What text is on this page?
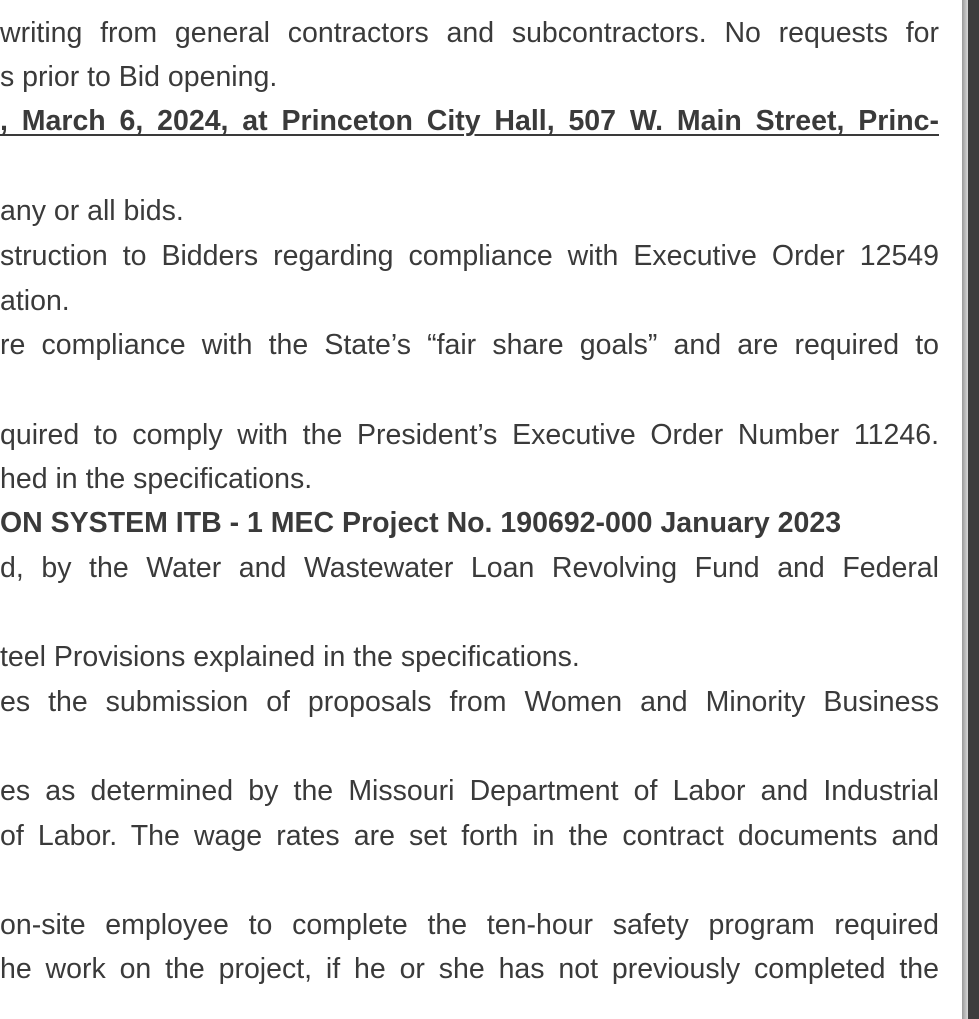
writing from general contractors and subcontractors. No requests for
s prior to Bid opening.
, March 6, 2024, at Princeton City Hall, 507 W. Main Street, Princ-
any or all bids.
struction to Bidders regarding compliance with Executive Order 12549
ation.
re compliance with the State’s “fair share goals” and are required to
quired to comply with the President’s Executive Order Number 11246.
hed in the specifications.
ON SYSTEM ITB - 1 MEC Project No. 190692-000 January 2023
d, by the Water and Wastewater Loan Revolving Fund and Federal
teel Provisions explained in the specifications.
es the submission of proposals from Women and Minority Business
es as determined by the Missouri Department of Labor and Industrial
of Labor. The wage rates are set forth in the contract documents and
on-site employee to complete the ten-hour safety program required
he work on the project, if he or she has not previously completed the
